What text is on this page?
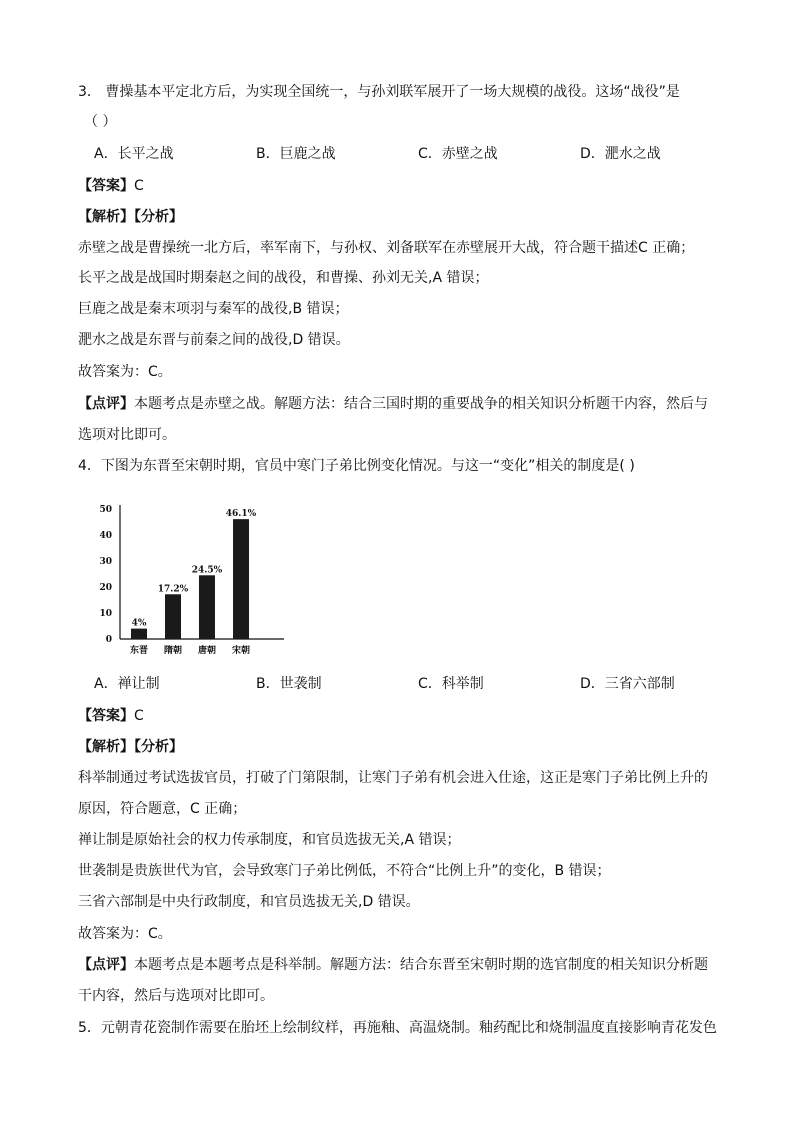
3． 曹操基本平定北方后，为实现全国统一，与孙刘联军展开了一场大规模的战役。这场“战役”是
（ ）
A．长平之战	B．巨鹿之战	C．赤壁之战	D．淝水之战
【答案】C
【解析】【分析】
赤壁之战是曹操统一北方后，率军南下，与孙权、刘备联军在赤壁展开大战，符合题干描述C 正确；
长平之战是战国时期秦赵之间的战役，和曹操、孙刘无关,A 错误；
巨鹿之战是秦末项羽与秦军的战役,B 错误；
淝水之战是东晋与前秦之间的战役,D 错误。
故答案为：C。
【点评】本题考点是赤壁之战。解题方法：结合三国时期的重要战争的相关知识分析题干内容，然后与
选项对比即可。
4．下图为东晋至宋朝时期，官员中寒门子弟比例变化情况。与这一“变化”相关的制度是( )
0
10
20
30
40
50
4%
东晋
17.2%
隋朝
24.5%
唐朝
46.1%
宋朝
A．禅让制	B．世袭制	C．科举制	D．三省六部制
【答案】C
【解析】【分析】
科举制通过考试选拔官员，打破了门第限制，让寒门子弟有机会进入仕途，这正是寒门子弟比例上升的
原因，符合题意，C 正确；
禅让制是原始社会的权力传承制度，和官员选拔无关,A 错误；
世袭制是贵族世代为官，会导致寒门子弟比例低，不符合“比例上升”的变化，B 错误；
三省六部制是中央行政制度，和官员选拔无关,D 错误。
故答案为：C。
【点评】本题考点是本题考点是科举制。解题方法：结合东晋至宋朝时期的选官制度的相关知识分析题
干内容，然后与选项对比即可。
5．元朝青花瓷制作需要在胎坯上绘制纹样，再施釉、高温烧制。釉药配比和烧制温度直接影响青花发色
